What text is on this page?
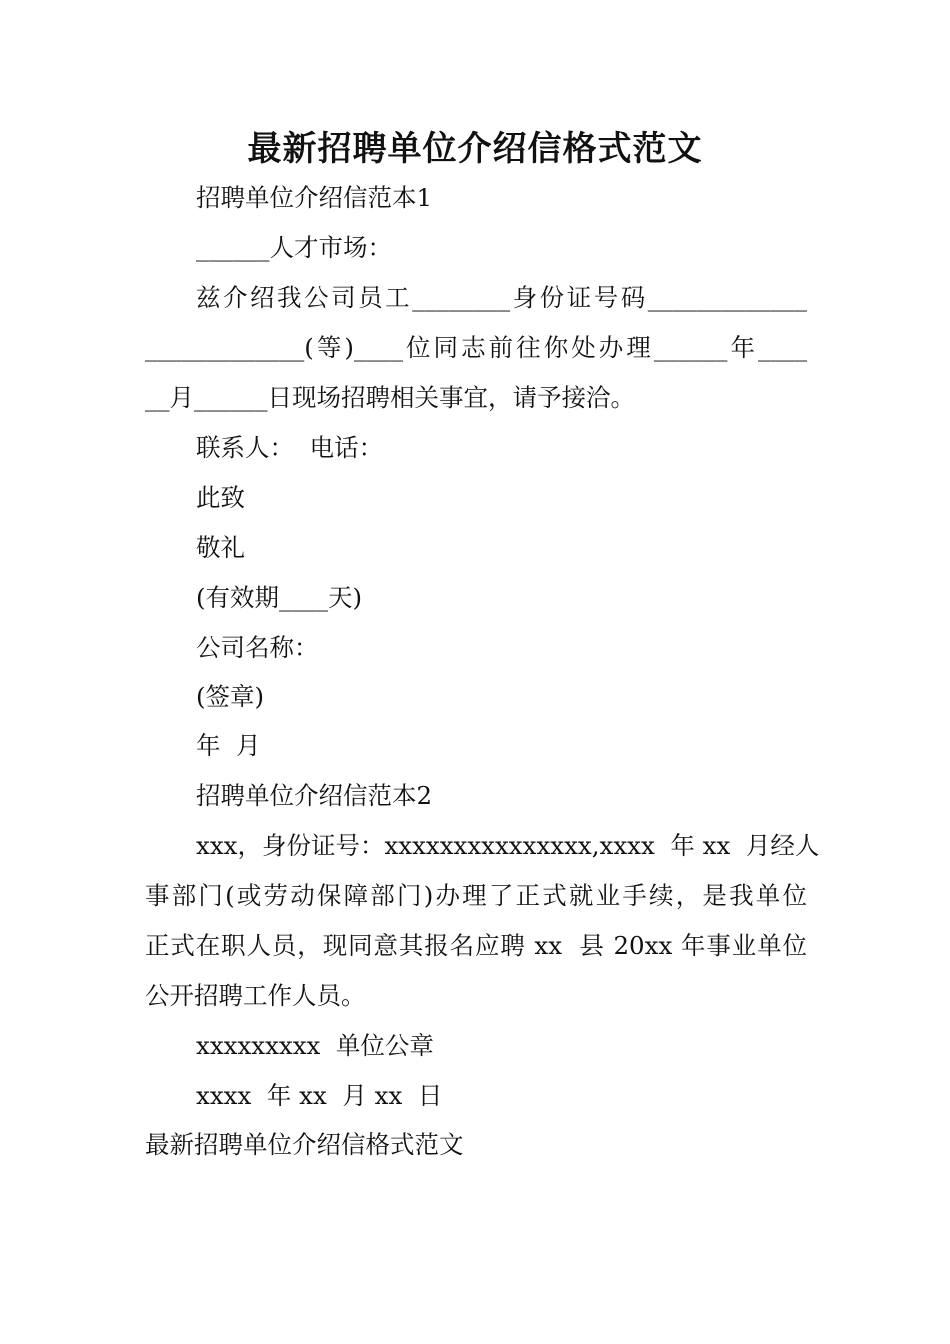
最新招聘单位介绍信格式范文
招聘单位介绍信范本1
______人才市场：
兹介绍我公司员工________身份证号码_____________
_____________(等)____位同志前往你处办理______年____
__月______日现场招聘相关事宜，请予接洽。
联系人：  电话：
此致
敬礼
(有效期____天)
公司名称：
(签章)
年  月
招聘单位介绍信范本2
xxx，身份证号：xxxxxxxxxxxxxxx,xxxx  年 xx  月经人
事部门(或劳动保障部门)办理了正式就业手续，是我单位
正式在职人员，现同意其报名应聘 xx  县 20xx 年事业单位
公开招聘工作人员。
xxxxxxxxx  单位公章
xxxx  年 xx  月 xx  日
最新招聘单位介绍信格式范文
